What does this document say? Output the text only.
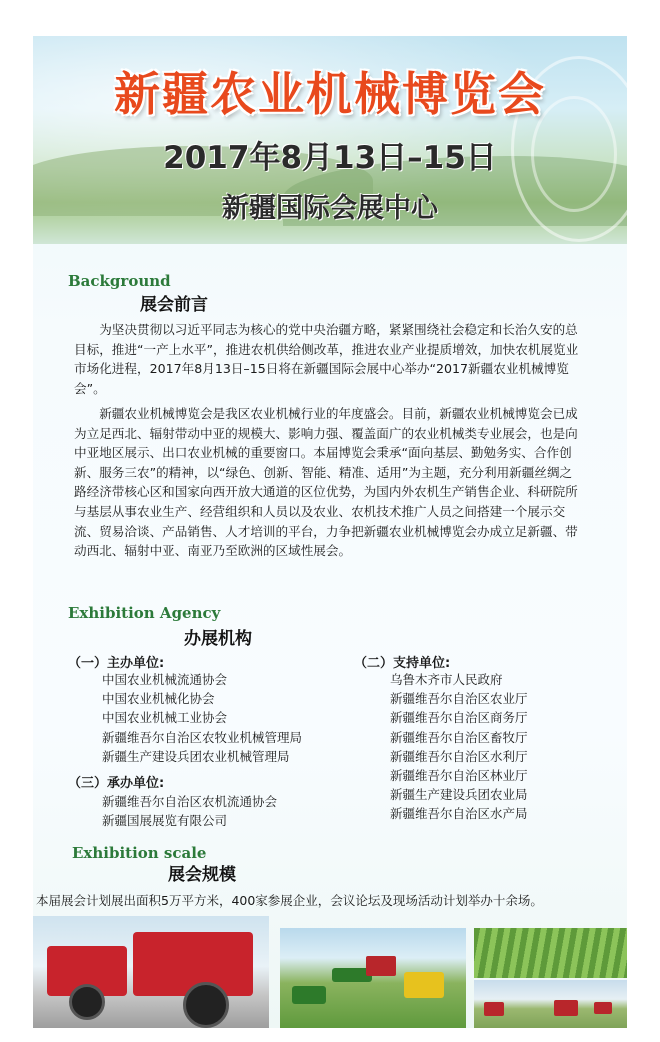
新疆农业机械博览会
2017年8月13日–15日
新疆国际会展中心
Background
展会前言

为坚决贯彻以习近平同志为核心的党中央治疆方略，紧紧围绕社会稳定和长治久安的总目标，推进“一产上水平”，推进农机供给侧改革，推进农业产业提质增效，加快农机展览业市场化进程，2017年8月13日–15日将在新疆国际会展中心举办“2017新疆农业机械博览会”。

新疆农业机械博览会是我区农业机械行业的年度盛会。目前，新疆农业机械博览会已成为立足西北、辐射带动中亚的规模大、影响力强、覆盖面广的农业机械类专业展会，也是向中亚地区展示、出口农业机械的重要窗口。本届博览会秉承“面向基层、勤勉务实、合作创新、服务三农”的精神，以“绿色、创新、智能、精准、适用”为主题，充分利用新疆丝绸之路经济带核心区和国家向西开放大通道的区位优势，为国内外农机生产销售企业、科研院所与基层从事农业生产、经营组织和人员以及农业、农机技术推广人员之间搭建一个展示交流、贸易洽谈、产品销售、人才培训的平台，力争把新疆农业机械博览会办成立足新疆、带动西北、辐射中亚、南亚乃至欧洲的区域性展会。

Exhibition Agency
办展机构
（一）主办单位:
中国农业机械流通协会
中国农业机械化协会
中国农业机械工业协会
新疆维吾尔自治区农牧业机械管理局
新疆生产建设兵团农业机械管理局
（三）承办单位:
新疆维吾尔自治区农机流通协会
新疆国展展览有限公司
（二）支持单位:
乌鲁木齐市人民政府
新疆维吾尔自治区农业厅
新疆维吾尔自治区商务厅
新疆维吾尔自治区畜牧厅
新疆维吾尔自治区水利厅
新疆维吾尔自治区林业厅
新疆生产建设兵团农业局
新疆维吾尔自治区水产局
Exhibition scale
展会规模
本届展会计划展出面积5万平方米，400家参展企业，会议论坛及现场活动计划举办十余场。
